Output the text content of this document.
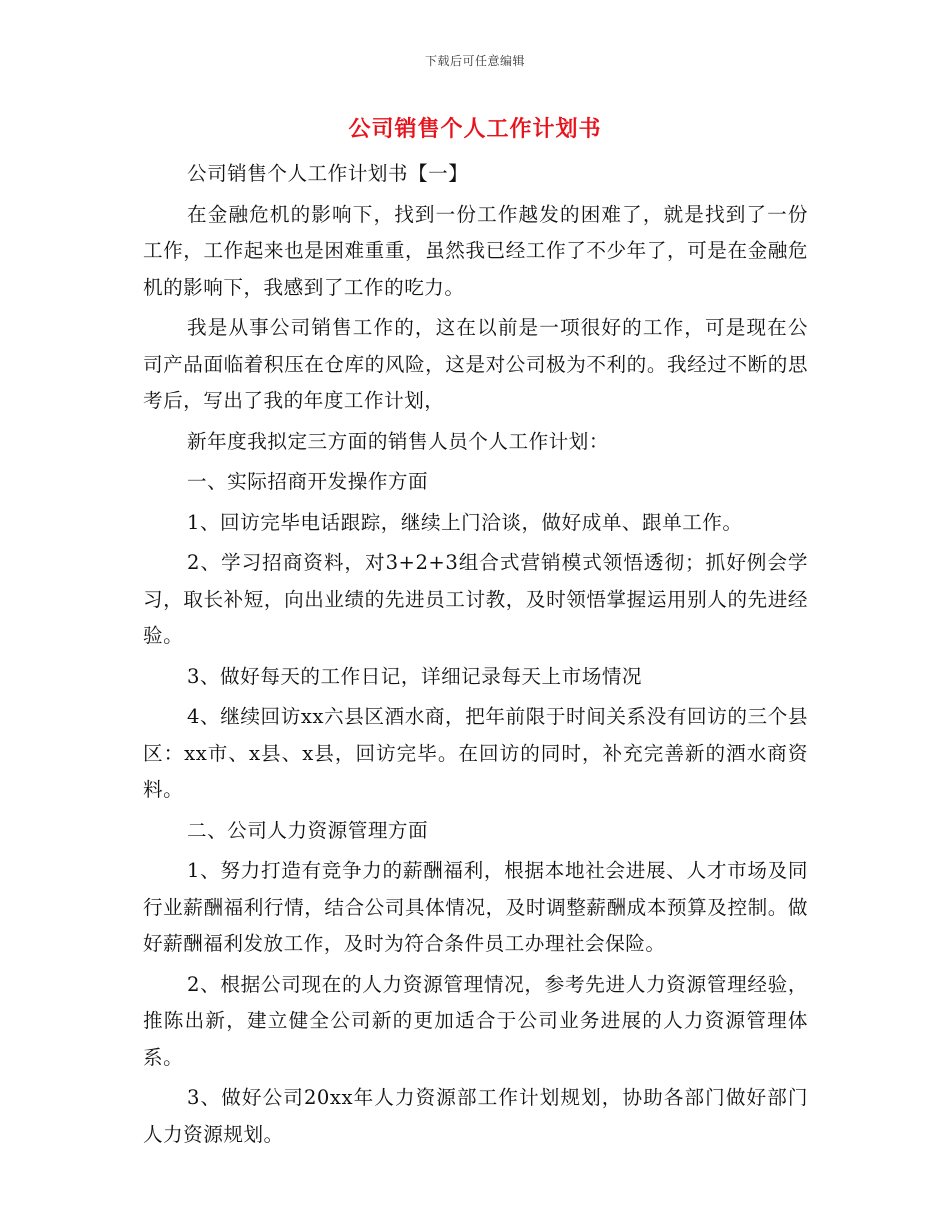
下载后可任意编辑
公司销售个人工作计划书

公司销售个人工作计划书【一】

在金融危机的影响下，找到一份工作越发的困难了，就是找到了一份工作，工作起来也是困难重重，虽然我已经工作了不少年了，可是在金融危机的影响下，我感到了工作的吃力。

我是从事公司销售工作的，这在以前是一项很好的工作，可是现在公司产品面临着积压在仓库的风险，这是对公司极为不利的。我经过不断的思考后，写出了我的年度工作计划，

新年度我拟定三方面的销售人员个人工作计划：

一、实际招商开发操作方面

1、回访完毕电话跟踪，继续上门洽谈，做好成单、跟单工作。

2、学习招商资料，对3+2+3组合式营销模式领悟透彻；抓好例会学习，取长补短，向出业绩的先进员工讨教，及时领悟掌握运用别人的先进经验。

3、做好每天的工作日记，详细记录每天上市场情况

4、继续回访xx六县区酒水商，把年前限于时间关系没有回访的三个县区：xx市、x县、x县，回访完毕。在回访的同时，补充完善新的酒水商资料。

二、公司人力资源管理方面

1、努力打造有竞争力的薪酬福利，根据本地社会进展、人才市场及同行业薪酬福利行情，结合公司具体情况，及时调整薪酬成本预算及控制。做好薪酬福利发放工作，及时为符合条件员工办理社会保险。

2、根据公司现在的人力资源管理情况，参考先进人力资源管理经验，推陈出新，建立健全公司新的更加适合于公司业务进展的人力资源管理体系。

3、做好公司20xx年人力资源部工作计划规划，协助各部门做好部门人力资源规划。
